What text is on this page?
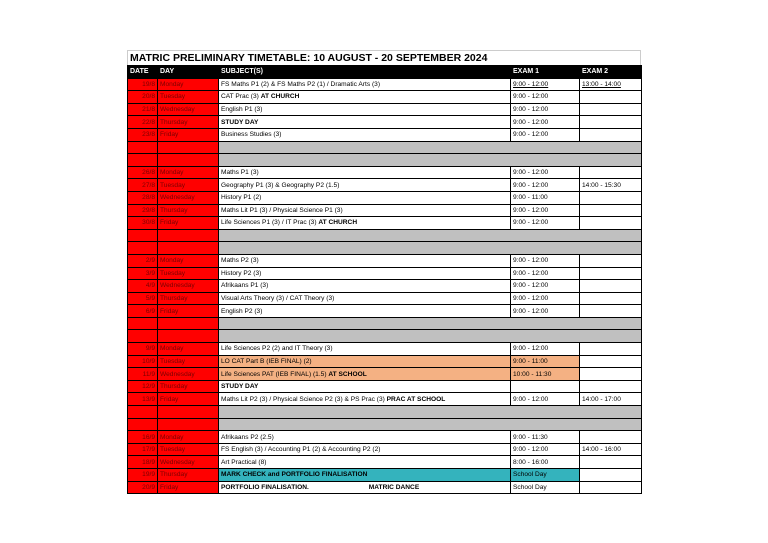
MATRIC PRELIMINARY TIMETABLE: 10 AUGUST - 20 SEPTEMBER 2024
DATE	DAY	SUBJECT(S)	EXAM 1	EXAM 2
19/8	Monday	FS Maths P1 (2) & FS Maths P2 (1) / Dramatic Arts (3)	9:00 - 12:00	13:00 - 14:00
20/8	Tuesday	CAT Prac (3) AT CHURCH	9:00 - 12:00	
21/8	Wednesday	English P1 (3)	9:00 - 12:00	
22/8	Thursday	STUDY DAY	9:00 - 12:00	
23/8	Friday	Business Studies (3)	9:00 - 12:00	

26/8	Monday	Maths P1 (3)	9:00 - 12:00	
27/8	Tuesday	Geography P1 (3) & Geography P2 (1.5)	9:00 - 12:00	14:00 - 15:30
28/8	Wednesday	History P1 (2)	9:00 - 11:00	
29/8	Thursday	Maths Lit P1 (3) / Physical Science P1 (3)	9:00 - 12:00	
30/8	Friday	Life Sciences P1 (3) / IT Prac (3) AT CHURCH	9:00 - 12:00	

2/9	Monday	Maths P2 (3)	9:00 - 12:00	
3/9	Tuesday	History P2 (3)	9:00 - 12:00	
4/9	Wednesday	Afrikaans P1 (3)	9:00 - 12:00	
5/9	Thursday	Visual Arts Theory (3) / CAT Theory (3)	9:00 - 12:00	
6/9	Friday	English P2 (3)	9:00 - 12:00	

9/9	Monday	Life Sciences P2 (2) and IT Theory (3)	9:00 - 12:00	
10/9	Tuesday	LO CAT Part B (IEB FINAL) (2)	9:00 - 11:00	
11/9	Wednesday	Life Sciences PAT (IEB FINAL) (1.5) AT SCHOOL	10:00 - 11:30	
12/9	Thursday	STUDY DAY		
13/9	Friday	Maths Lit P2 (3) / Physical Science P2 (3) & PS Prac (3) PRAC AT SCHOOL	9:00 - 12:00	14:00 - 17:00

16/9	Monday	Afrikaans P2 (2.5)	9:00 - 11:30	
17/9	Tuesday	FS English (3) / Accounting P1 (2) & Accounting P2 (2)	9:00 - 12:00	14:00 - 16:00
18/9	Wednesday	Art Practical (8)	8:00 - 16:00	
19/9	Thursday	MARK CHECK and PORTFOLIO FINALISATION	School Day	
20/9	Friday	PORTFOLIO FINALISATION. MATRIC DANCE	School Day	
